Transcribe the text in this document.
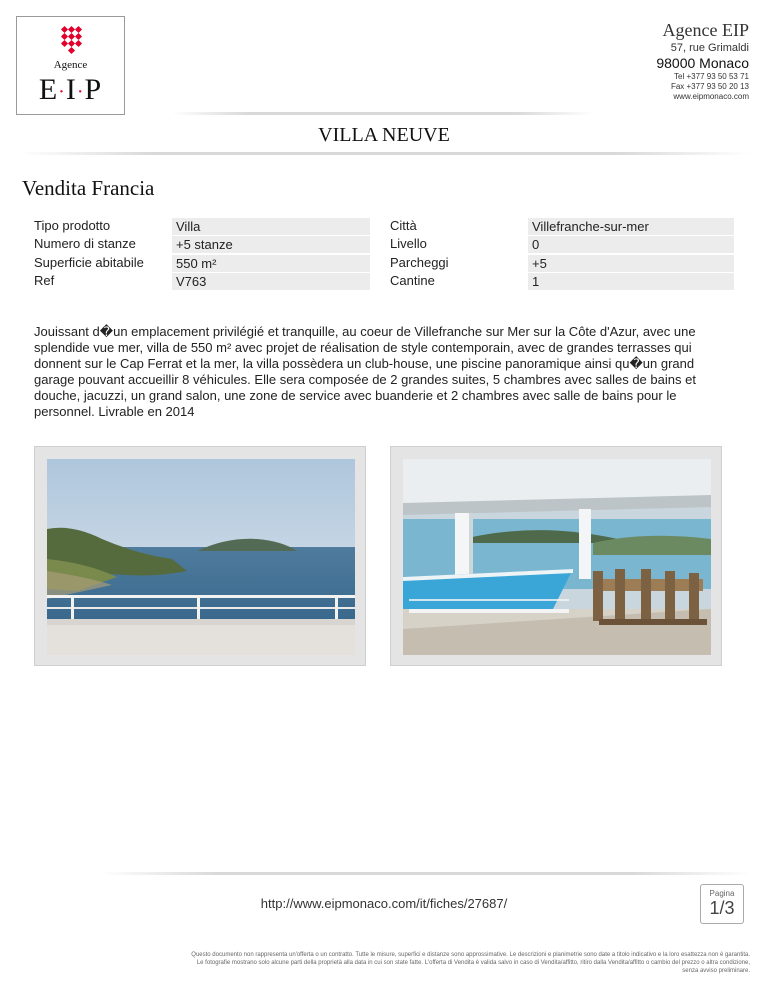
Agence
E·I·P
Agence EIP
57, rue Grimaldi
98000 Monaco
Tel +377 93 50 53 71
Fax +377 93 50 20 13
www.eipmonaco.com
VILLA NEUVE
Vendita Francia
Tipo prodotto	Villa
Numero di stanze	+5 stanze
Superficie abitabile	550 m²
Ref	V763
Città	Villefranche-sur-mer
Livello	0
Parcheggi	+5
Cantine	1
Jouissant d�un emplacement privilégié et tranquille, au coeur de Villefranche sur Mer sur la Côte d'Azur, avec une splendide vue mer, villa de 550 m² avec projet de réalisation de style contemporain, avec de grandes terrasses qui donnent sur le Cap Ferrat et la mer, la villa possèdera un club-house, une piscine panoramique ainsi qu�un grand garage pouvant accueillir 8 véhicules. Elle sera composée de 2 grandes suites, 5 chambres avec salles de bains et douche, jacuzzi, un grand salon, une zone de service avec buanderie et 2 chambres avec salle de bains pour le personnel. Livrable en 2014
http://www.eipmonaco.com/it/fiches/27687/
Pagina
1/3
Questo documento non rappresenta un'offerta o un contratto. Tutte le misure, superfici e distanze sono approssimative. Le descrizioni e planimetrie sono date a titolo indicativo e la loro esattezza non è garantita.
Le fotografie mostrano solo alcune parti della proprietà alla data in cui son state fatte. L'offerta di Vendita è valida salvo in caso di Vendita/affitto, ritiro dalla Vendita/affitto o cambio del prezzo o altra condizione,
senza avviso preliminare.
